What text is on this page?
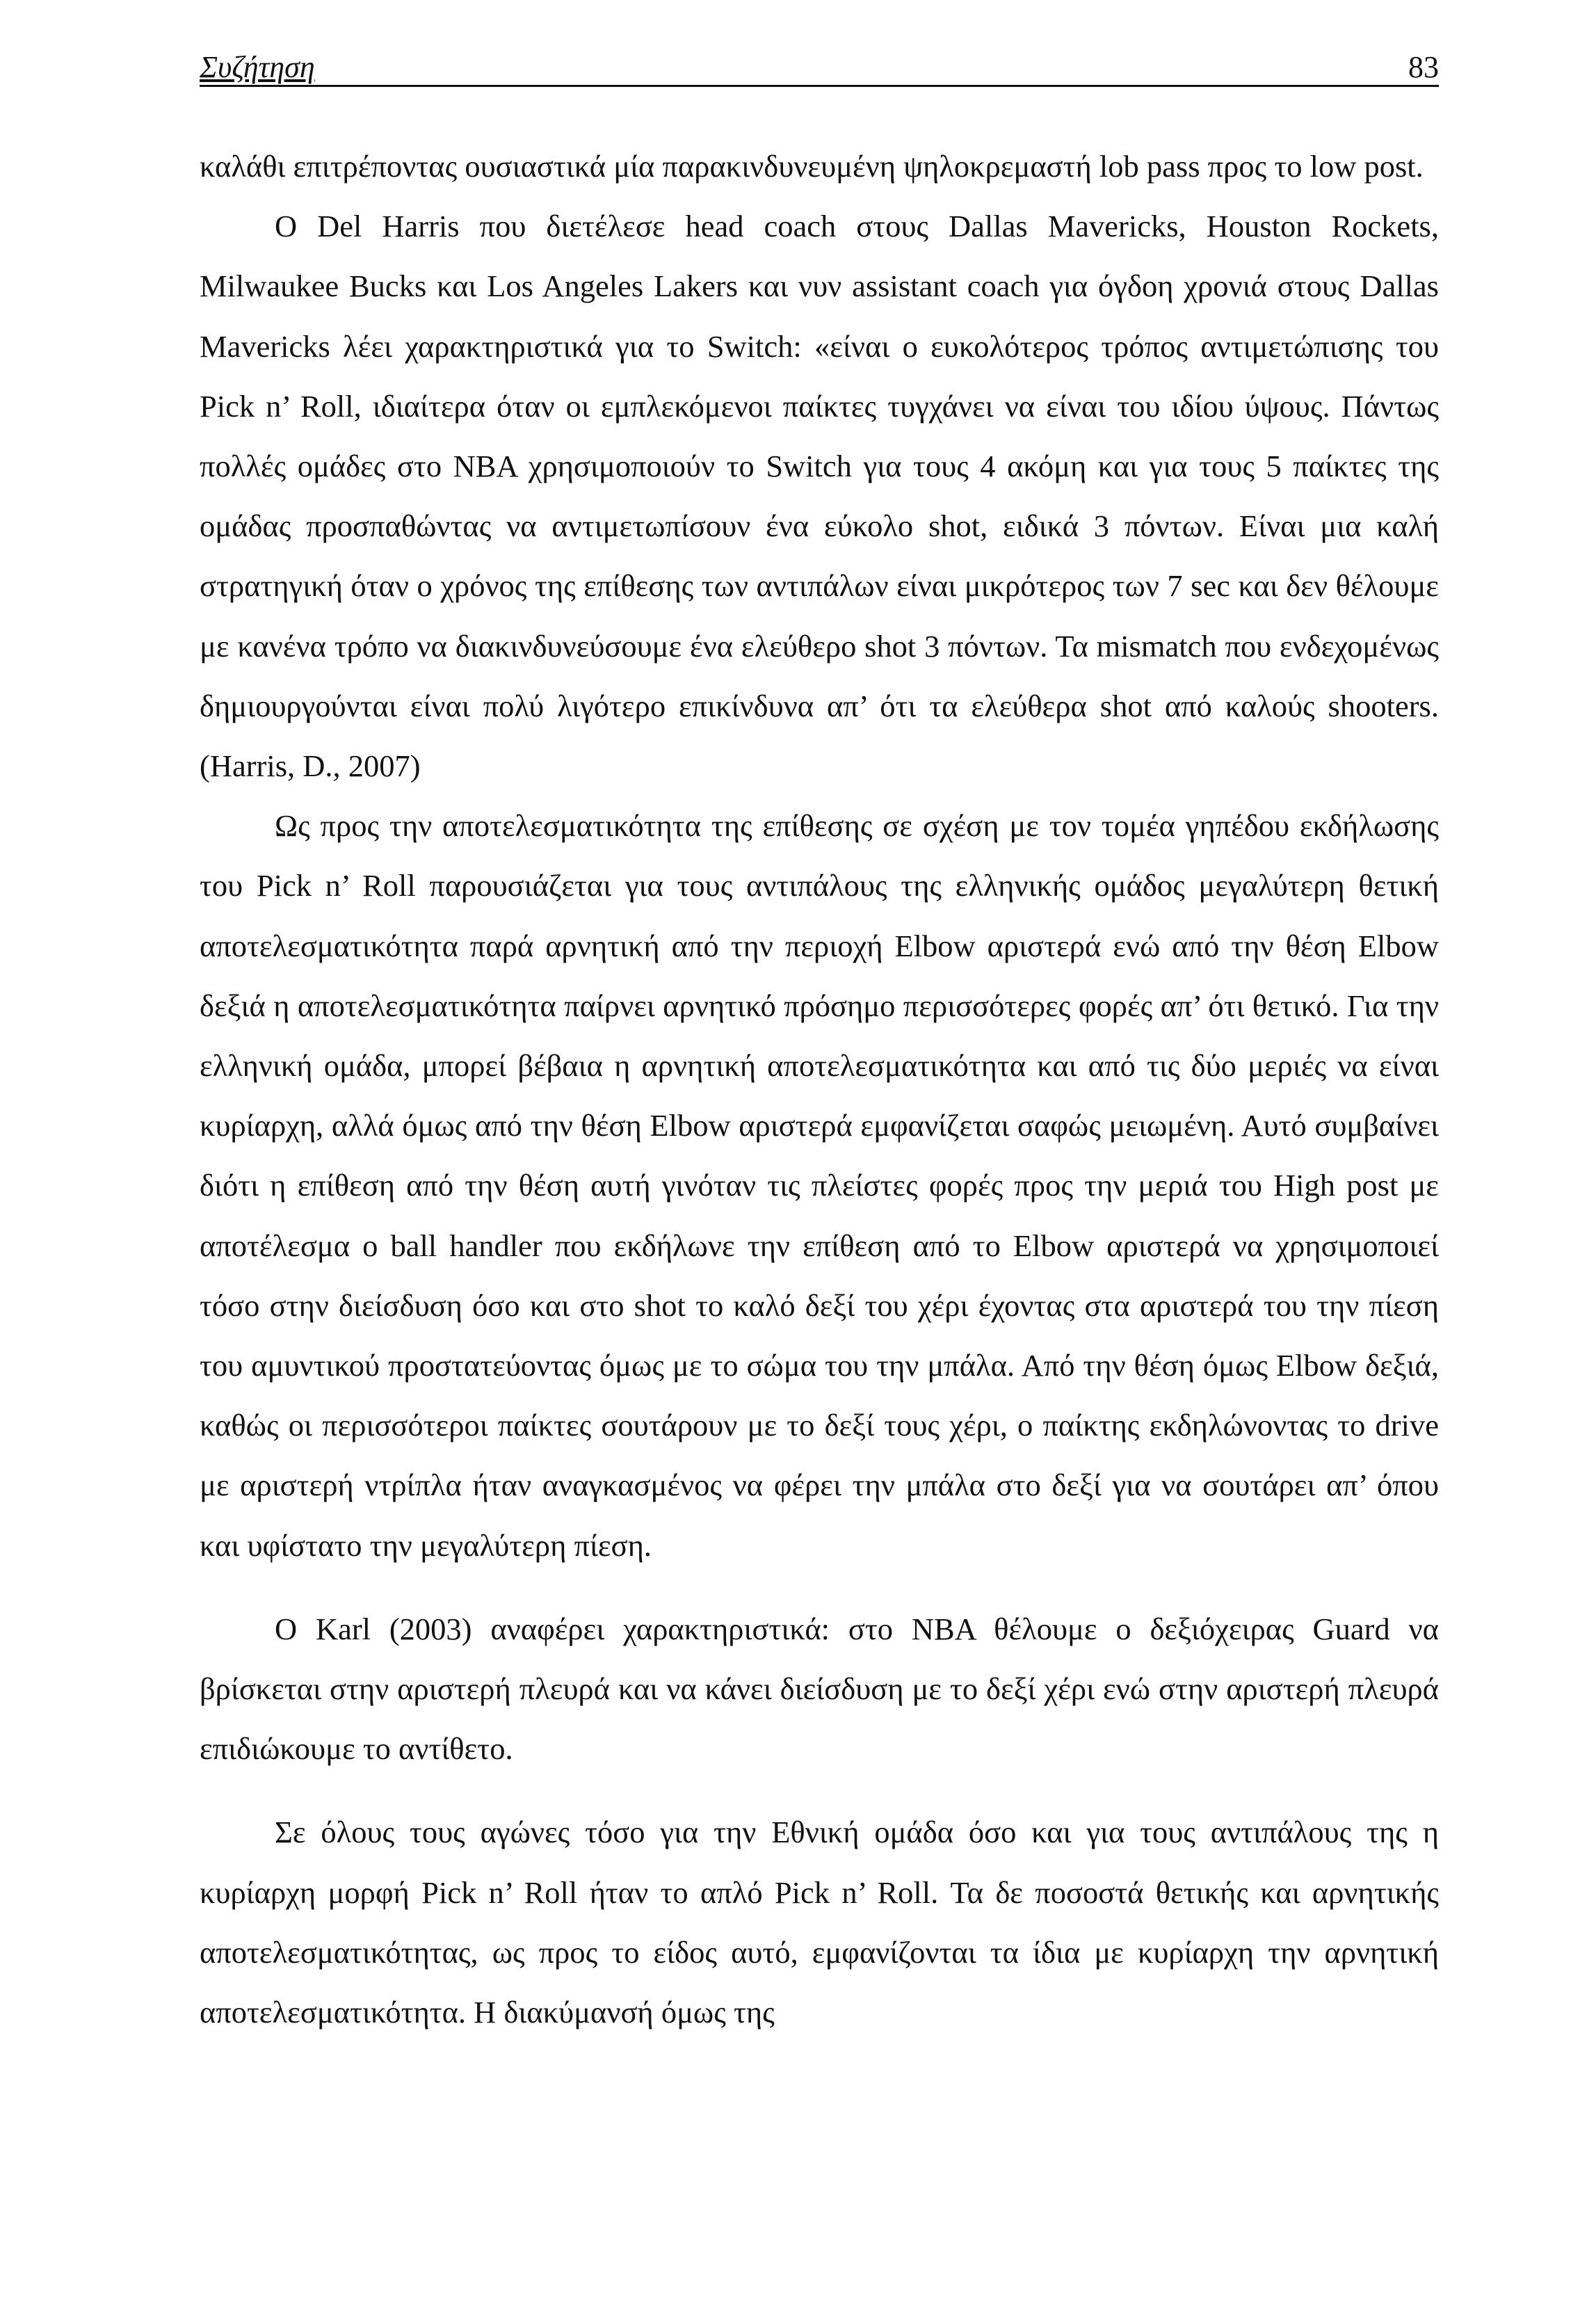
Συζήτηση	83

καλάθι επιτρέποντας ουσιαστικά μία παρακινδυνευμένη ψηλοκρεμαστή lob pass προς το low post.

Ο Del Harris που διετέλεσε head coach στους Dallas Mavericks, Houston Rockets, Milwaukee Bucks και Los Angeles Lakers και νυν assistant coach για όγδοη χρονιά στους Dallas Mavericks λέει χαρακτηριστικά για το Switch: «είναι ο ευκολότερος τρόπος αντιμετώπισης του Pick n’ Roll, ιδιαίτερα όταν οι εμπλεκόμενοι παίκτες τυγχάνει να είναι του ιδίου ύψους. Πάντως πολλές ομάδες στο NBA χρησιμοποιούν το Switch για τους 4 ακόμη και για τους 5 παίκτες της ομάδας προσπαθώντας να αντιμετωπίσουν ένα εύκολο shot, ειδικά 3 πόντων. Είναι μια καλή στρατηγική όταν ο χρόνος της επίθεσης των αντιπάλων είναι μικρότερος των 7 sec και δεν θέλουμε με κανένα τρόπο να διακινδυνεύσουμε ένα ελεύθερο shot 3 πόντων. Τα mismatch που ενδεχομένως δημιουργούνται είναι πολύ λιγότερο επικίνδυνα απ’ ότι τα ελεύθερα shot από καλούς shooters. (Harris, D., 2007)

Ως προς την αποτελεσματικότητα της επίθεσης σε σχέση με τον τομέα γηπέδου εκδήλωσης του Pick n’ Roll παρουσιάζεται για τους αντιπάλους της ελληνικής ομάδος μεγαλύτερη θετική αποτελεσματικότητα παρά αρνητική από την περιοχή Elbow αριστερά ενώ από την θέση Elbow δεξιά η αποτελεσματικότητα παίρνει αρνητικό πρόσημο περισσότερες φορές απ’ ότι θετικό. Για την ελληνική ομάδα, μπορεί βέβαια η αρνητική αποτελεσματικότητα και από τις δύο μεριές να είναι κυρίαρχη, αλλά όμως από την θέση Elbow αριστερά εμφανίζεται σαφώς μειωμένη. Αυτό συμβαίνει διότι η επίθεση από την θέση αυτή γινόταν τις πλείστες φορές προς την μεριά του High post με αποτέλεσμα ο ball handler που εκδήλωνε την επίθεση από το Elbow αριστερά να χρησιμοποιεί τόσο στην διείσδυση όσο και στο shot το καλό δεξί του χέρι έχοντας στα αριστερά του την πίεση του αμυντικού προστατεύοντας όμως με το σώμα του την μπάλα. Από την θέση όμως Elbow δεξιά, καθώς οι περισσότεροι παίκτες σουτάρουν με το δεξί τους χέρι, ο παίκτης εκδηλώνοντας το drive με αριστερή ντρίπλα ήταν αναγκασμένος να φέρει την μπάλα στο δεξί για να σουτάρει απ’ όπου και υφίστατο την μεγαλύτερη πίεση.

Ο Karl (2003) αναφέρει χαρακτηριστικά: στο NBA θέλουμε ο δεξιόχειρας Guard να βρίσκεται στην αριστερή πλευρά και να κάνει διείσδυση με το δεξί χέρι ενώ στην αριστερή πλευρά επιδιώκουμε το αντίθετο.

Σε όλους τους αγώνες τόσο για την Εθνική ομάδα όσο και για τους αντιπάλους της η κυρίαρχη μορφή Pick n’ Roll ήταν το απλό Pick n’ Roll. Τα δε ποσοστά θετικής και αρνητικής αποτελεσματικότητας, ως προς το είδος αυτό, εμφανίζονται τα ίδια με κυρίαρχη την αρνητική αποτελεσματικότητα. Η διακύμανσή όμως της
